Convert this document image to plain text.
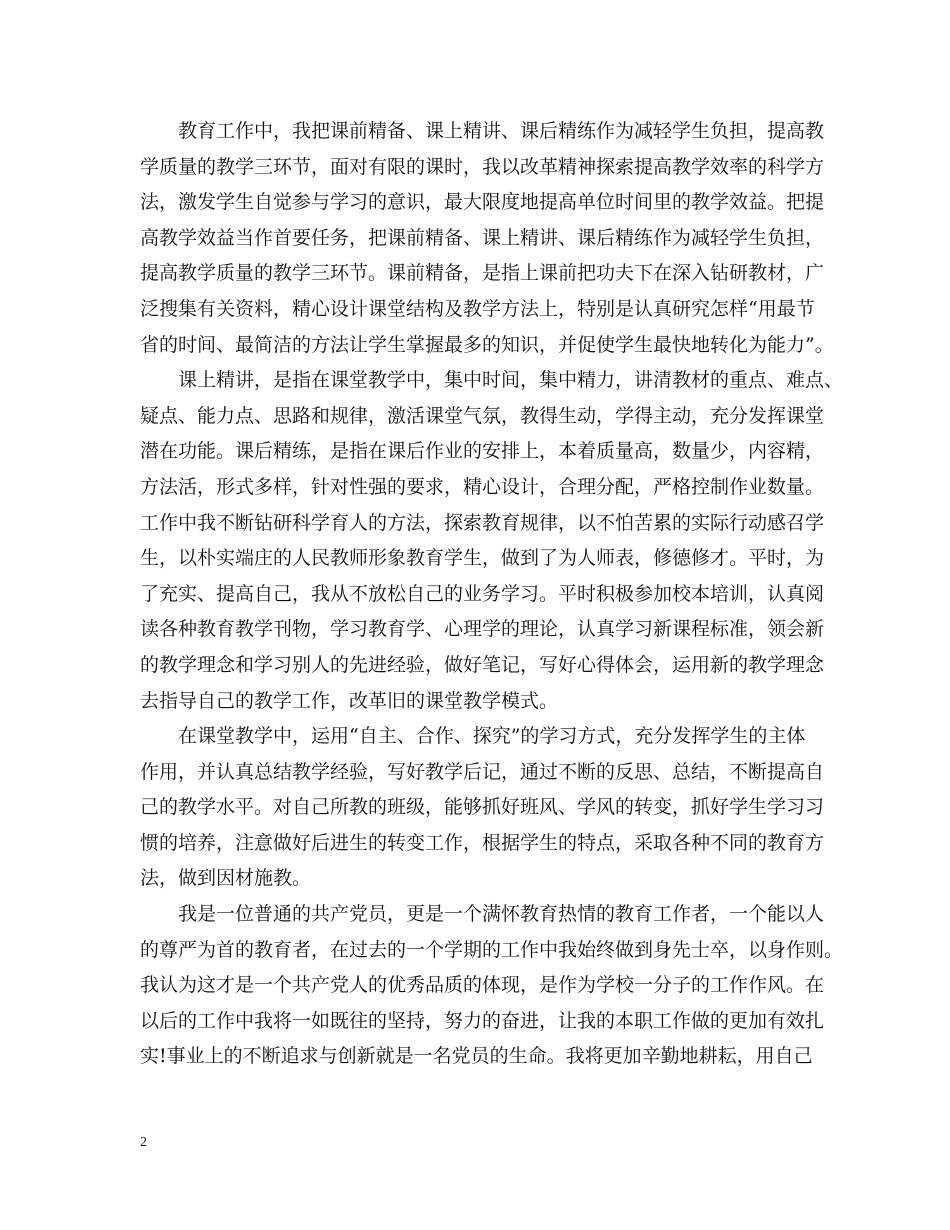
教育工作中，我把课前精备、课上精讲、课后精练作为减轻学生负担，提高教
学质量的教学三环节，面对有限的课时，我以改革精神探索提高教学效率的科学方
法，激发学生自觉参与学习的意识，最大限度地提高单位时间里的教学效益。把提
高教学效益当作首要任务，把课前精备、课上精讲、课后精练作为减轻学生负担，
提高教学质量的教学三环节。课前精备，是指上课前把功夫下在深入钻研教材，广
泛搜集有关资料，精心设计课堂结构及教学方法上，特别是认真研究怎样“用最节
省的时间、最简洁的方法让学生掌握最多的知识，并促使学生最快地转化为能力”。
课上精讲，是指在课堂教学中，集中时间，集中精力，讲清教材的重点、难点、
疑点、能力点、思路和规律，激活课堂气氛，教得生动，学得主动，充分发挥课堂
潜在功能。课后精练，是指在课后作业的安排上，本着质量高，数量少，内容精，
方法活，形式多样，针对性强的要求，精心设计，合理分配，严格控制作业数量。
工作中我不断钻研科学育人的方法，探索教育规律，以不怕苦累的实际行动感召学
生，以朴实端庄的人民教师形象教育学生，做到了为人师表，修德修才。平时，为
了充实、提高自己，我从不放松自己的业务学习。平时积极参加校本培训，认真阅
读各种教育教学刊物，学习教育学、心理学的理论，认真学习新课程标准，领会新
的教学理念和学习别人的先进经验，做好笔记，写好心得体会，运用新的教学理念
去指导自己的教学工作，改革旧的课堂教学模式。
在课堂教学中，运用“自主、合作、探究”的学习方式，充分发挥学生的主体
作用，并认真总结教学经验，写好教学后记，通过不断的反思、总结，不断提高自
己的教学水平。对自己所教的班级，能够抓好班风、学风的转变，抓好学生学习习
惯的培养，注意做好后进生的转变工作，根据学生的特点，采取各种不同的教育方
法，做到因材施教。
我是一位普通的共产党员，更是一个满怀教育热情的教育工作者，一个能以人
的尊严为首的教育者，在过去的一个学期的工作中我始终做到身先士卒，以身作则。
我认为这才是一个共产党人的优秀品质的体现，是作为学校一分子的工作作风。在
以后的工作中我将一如既往的坚持，努力的奋进，让我的本职工作做的更加有效扎
实!事业上的不断追求与创新就是一名党员的生命。我将更加辛勤地耕耘，用自己
2
